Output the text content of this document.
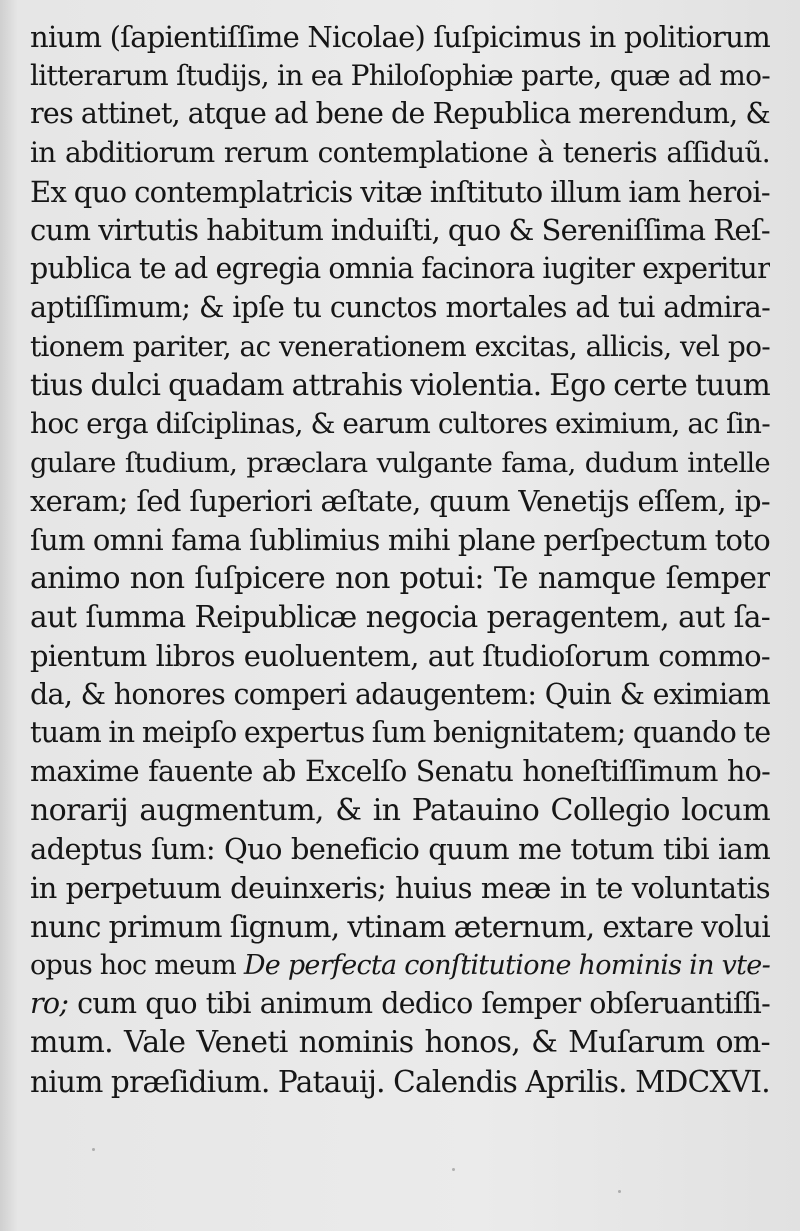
nium (ſapientiſſime Nicolae) ſuſpicimus in politiorum
litterarum ſtudijs, in ea Philoſophiæ parte, quæ ad mo-
res attinet, atque ad bene de Republica merendum, &
in abditiorum rerum contemplatione à teneris aſſiduũ.
Ex quo contemplatricis vitæ inſtituto illum iam heroi-
cum virtutis habitum induiſti, quo & Sereniſſima Reſ-
publica te ad egregia omnia facinora iugiter experitur
aptiſſimum; & ipſe tu cunctos mortales ad tui admira-
tionem pariter, ac venerationem excitas, allicis, vel po-
tius dulci quadam attrahis violentia. Ego certe tuum
hoc erga diſciplinas, & earum cultores eximium, ac ſin-
gulare ſtudium, præclara vulgante fama, dudum intelle
xeram; ſed ſuperiori æſtate, quum Venetijs eſſem, ip-
ſum omni fama ſublimius mihi plane perſpectum toto
animo non ſuſpicere non potui: Te namque ſemper
aut ſumma Reipublicæ negocia peragentem, aut ſa-
pientum libros euoluentem, aut ſtudioſorum commo-
da, & honores comperi adaugentem: Quin & eximiam
tuam in meipſo expertus ſum benignitatem; quando te
maxime fauente ab Excelſo Senatu honeſtiſſimum ho-
norarij augmentum, & in Patauino Collegio locum
adeptus ſum: Quo beneficio quum me totum tibi iam
in perpetuum deuinxeris; huius meæ in te voluntatis
nunc primum ſignum, vtinam æternum, extare volui
opus hoc meum De perfecta conſtitutione hominis in vte-
ro; cum quo tibi animum dedico ſemper obſeruantiſſi-
mum. Vale Veneti nominis honos, & Muſarum om-
nium præſidium. Patauij. Calendis Aprilis. MDCXVI.
